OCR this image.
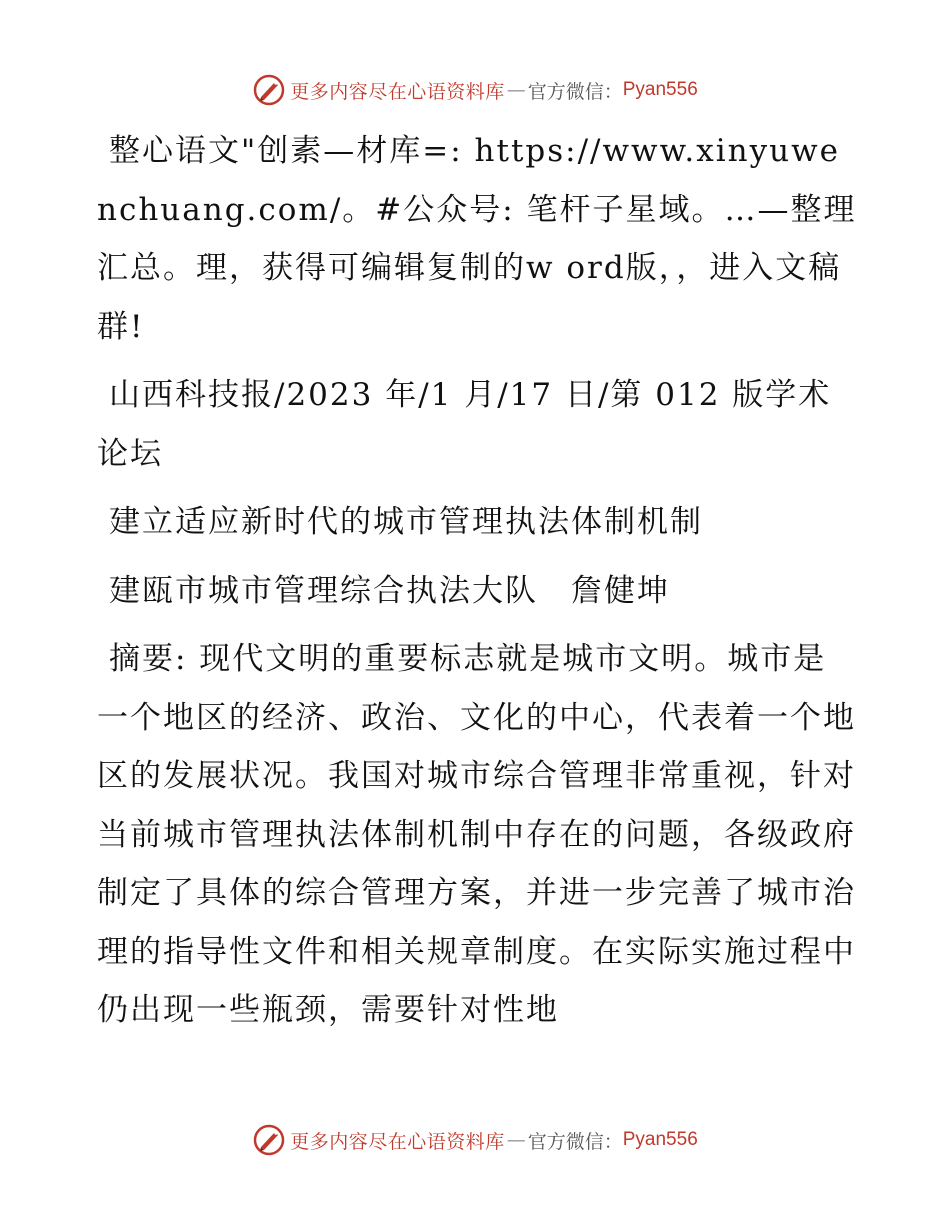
更多内容尽在心语资料库 — 官方微信： Pyan556

整心语文"创素—材库=: https://www.xinyuwenchuang.com/。#公众号: 笔杆子星域。…—整理汇总。理，获得可编辑复制的w ord版，，进入文稿群!

山西科技报/2023 年/1 月/17 日/第 012 版学术论坛

建立适应新时代的城市管理执法体制机制

建瓯市城市管理综合执法大队　詹健坤

摘要: 现代文明的重要标志就是城市文明。城市是一个地区的经济、政治、文化的中心，代表着一个地区的发展状况。我国对城市综合管理非常重视，针对当前城市管理执法体制机制中存在的问题，各级政府制定了具体的综合管理方案，并进一步完善了城市治理的指导性文件和相关规章制度。在实际实施过程中仍出现一些瓶颈，需要针对性地

更多内容尽在心语资料库 — 官方微信： Pyan556
